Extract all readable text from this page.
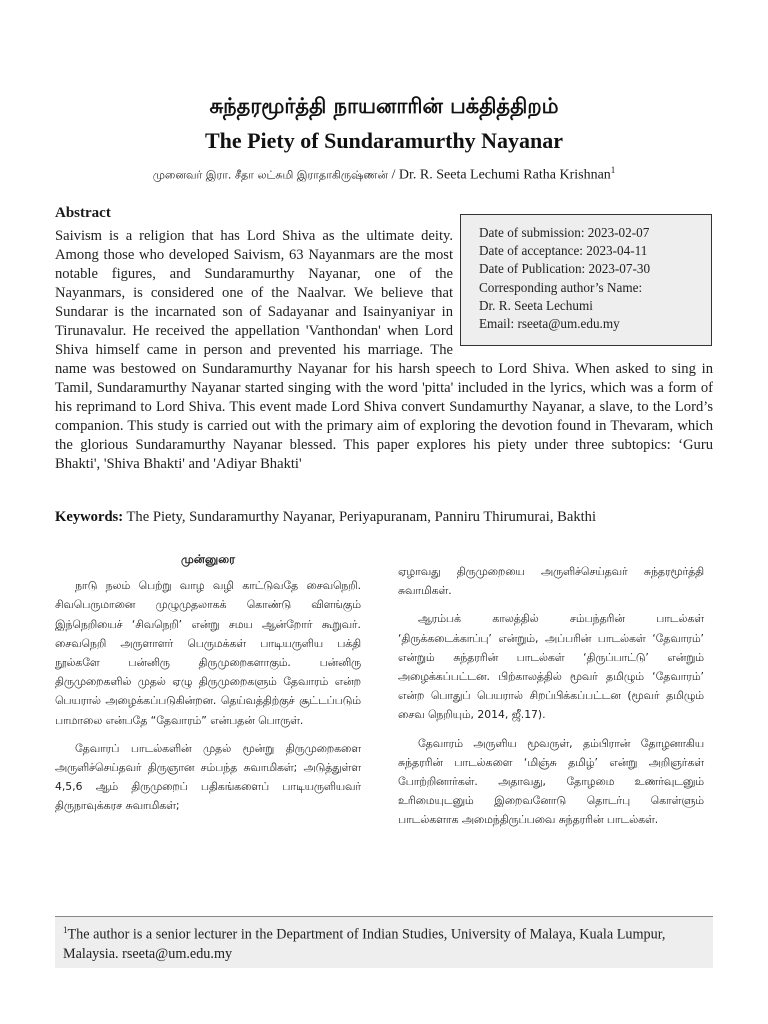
சுந்தரமூர்த்தி நாயனாரின் பக்தித்திறம்
The Piety of Sundaramurthy Nayanar
முனைவர் இரா. சீதா லட்சுமி இராதாகிருஷ்ணன் / Dr. R. Seeta Lechumi Ratha Krishnan$^1$
Abstract
Saivism is a religion that has Lord Shiva as the ultimate deity. Among those who developed Saivism, 63 Nayanmars are the most notable figures, and Sundaramurthy Nayanar, one of the Nayanmars, is considered one of the Naalvar. We believe that Sundarar is the incarnated son of Sadayanar and Isainyaniyar in Tirunavalur. He received the appellation 'Vanthondan' when Lord Shiva himself came in person and prevented his marriage. The name was bestowed on Sundaramurthy Nayanar for his harsh speech to Lord Shiva. When asked to sing in Tamil, Sundaramurthy Nayanar started singing with the word 'pitta' included in the lyrics, which was a form of his reprimand to Lord Shiva. This event made Lord Shiva convert Sundamurthy Nayanar, a slave, to the Lord’s companion. This study is carried out with the primary aim of exploring the devotion found in Thevaram, which the glorious Sundaramurthy Nayanar blessed. This paper explores his piety under three subtopics: ‘Guru Bhakti', 'Shiva Bhakti' and 'Adiyar Bhakti'
Date of submission: 2023-02-07
Date of acceptance: 2023-04-11
Date of Publication: 2023-07-30
Corresponding author’s Name:
Dr. R. Seeta Lechumi
Email: rseeta@um.edu.my
Keywords: The Piety, Sundaramurthy Nayanar, Periyapuranam, Panniru Thirumurai, Bakthi
முன்னுரை

நாடு நலம் பெற்று வாழ வழி காட்டுவதே சைவநெறி. சிவபெருமானை முழுமுதலாகக் கொண்டு விளங்கும் இந்நெறியைச் ‘சிவநெறி’ என்று சமய ஆன்றோர் கூறுவர். சைவநெறி அருளாளர் பெருமக்கள் பாடியருளிய பக்தி நூல்களே பன்னிரு திருமுறைகளாகும். பன்னிரு திருமுறைகளில் முதல் ஏழு திருமுறைகளும் தேவாரம் என்ற பெயரால் அழைக்கப்படுகின்றன. தெய்வத்திற்குச் சூட்டப்படும் பாமாலை என்பதே “தேவாரம்” என்பதன் பொருள்.

தேவாரப் பாடல்களின் முதல் மூன்று திருமுறைகளை அருளிச்செய்தவர் திருஞான சம்பந்த சுவாமிகள்; அடுத்துள்ள 4,5,6 ஆம் திருமுறைப் பதிகங்களைப் பாடியருளியவர் திருநாவுக்கரச சுவாமிகள்;

ஏழாவது திருமுறையை அருளிச்செய்தவர் சுந்தரமூர்த்தி சுவாமிகள்.

ஆரம்பக் காலத்தில் சம்பந்தரின் பாடல்கள் ‘திருக்கடைக்காப்பு’ என்றும், அப்பரின் பாடல்கள் ‘தேவாரம்’ என்றும் சுந்தரரின் பாடல்கள் ‘திருப்பாட்டு’ என்றும் அழைக்கப்பட்டன. பிற்காலத்தில் மூவர் தமிழும் ‘தேவாரம்’ என்ற பொதுப் பெயரால் சிறப்பிக்கப்பட்டன (மூவர் தமிழும் சைவ நெறியும், 2014, ஜீ.17).

தேவாரம் அருளிய மூவருள், தம்பிரான் தோழனாகிய சுந்தரரின் பாடல்களை ‘மிஞ்சு தமிழ்’ என்று அறிஞர்கள் போற்றினார்கள். அதாவது, தோழமை உணர்வுடனும் உரிமையுடனும் இறைவனோடு தொடர்பு கொள்ளும் பாடல்களாக அமைந்திருப்பவை சுந்தரரின் பாடல்கள்.

$^1$The author is a senior lecturer in the Department of Indian Studies, University of Malaya, Kuala Lumpur, Malaysia. rseeta@um.edu.my
